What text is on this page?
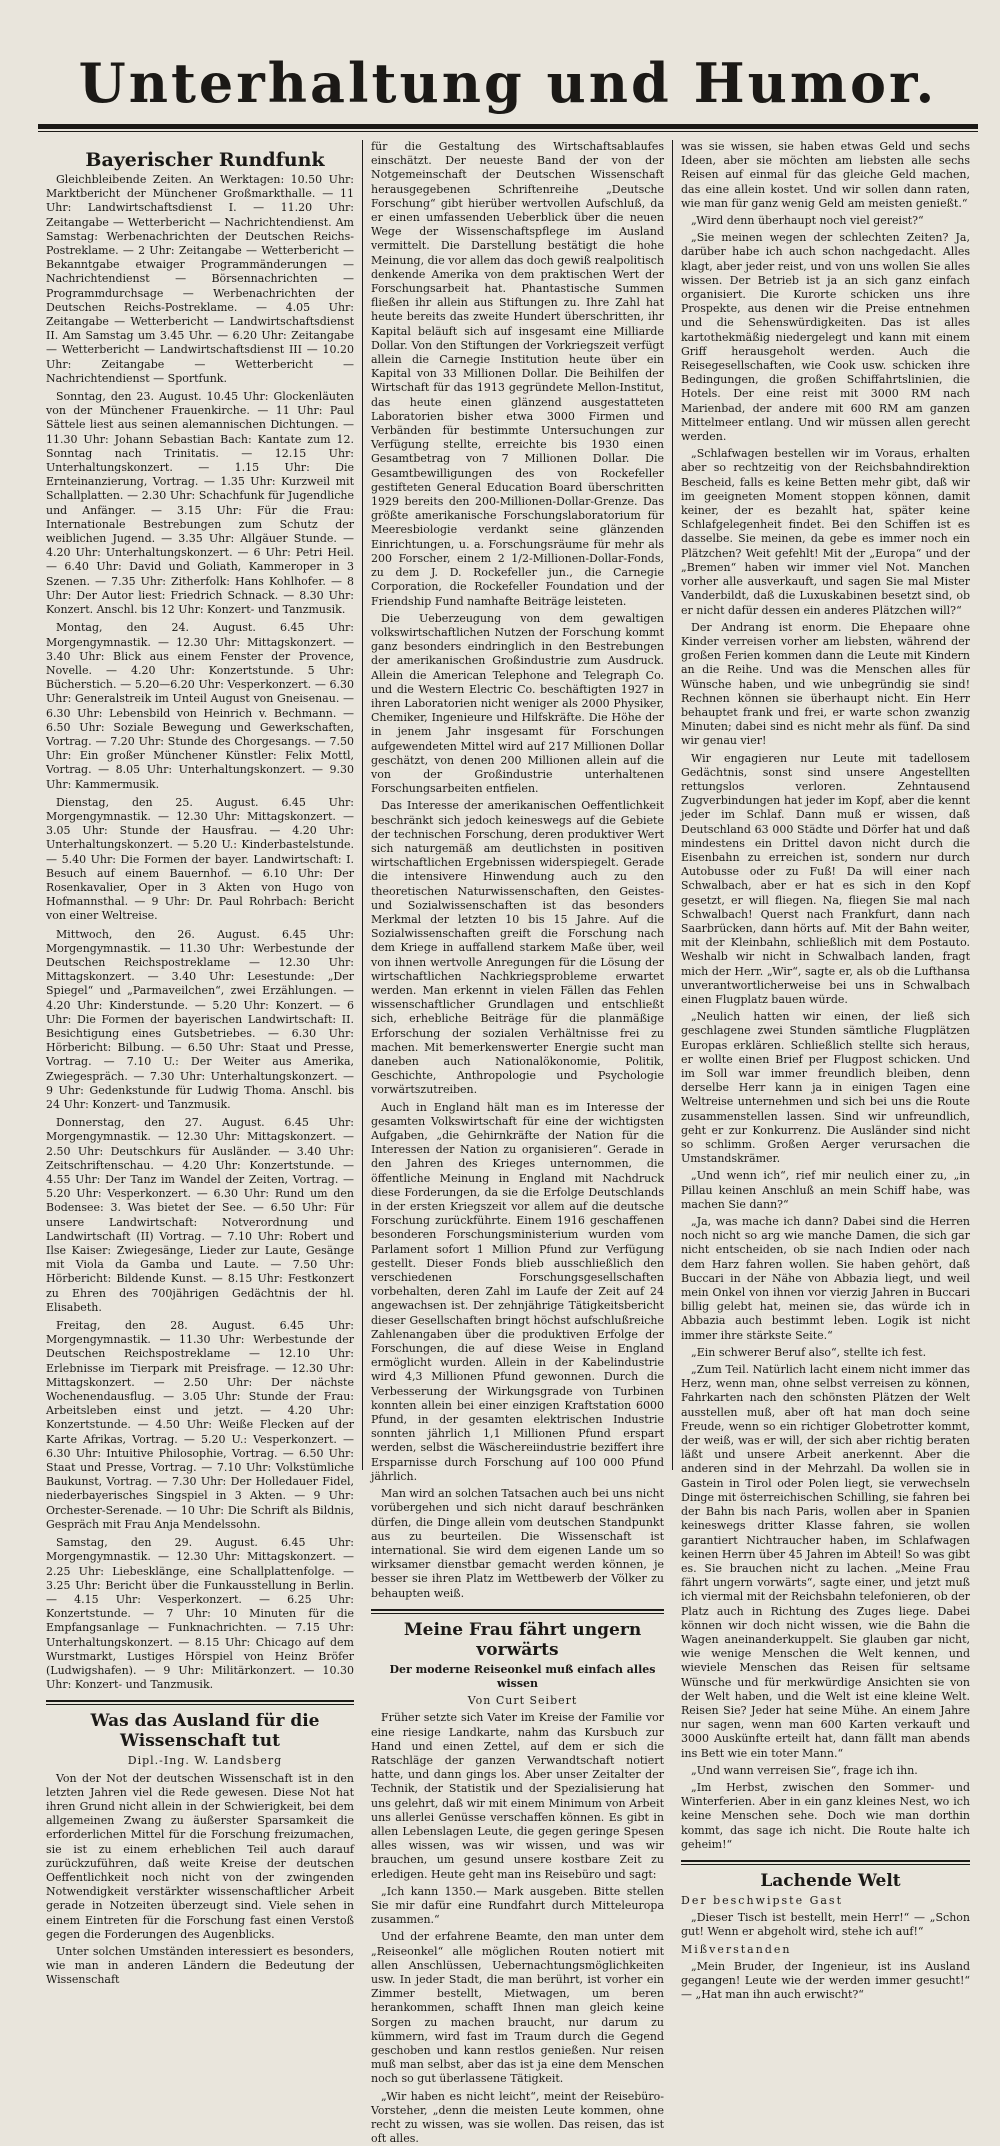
Unterhaltung und Humor.

Bayerischer Rundfunk

Gleichbleibende Zeiten. An Werktagen: 10.50 Uhr: Marktbericht der Münchener Großmarkthalle. — 11 Uhr: Landwirtschaftsdienst I. — 11.20 Uhr: Zeitangabe — Wetterbericht — Nachrichtendienst. Am Samstag: Werbenachrichten der Deutschen Reichs-Postreklame. — 2 Uhr: Zeitangabe — Wetterbericht — Bekanntgabe etwaiger Programmänderungen — Nachrichtendienst — Börsennachrichten — Programmdurchsage — Werbenachrichten der Deutschen Reichs-Postreklame. — 4.05 Uhr: Zeitangabe — Wetterbericht — Landwirtschaftsdienst II. Am Samstag um 3.45 Uhr. — 6.20 Uhr: Zeitangabe — Wetterbericht — Landwirtschaftsdienst III — 10.20 Uhr: Zeitangabe — Wetterbericht — Nachrichtendienst — Sportfunk.

Sonntag, den 23. August. 10.45 Uhr: Glockenläuten von der Münchener Frauenkirche. — 11 Uhr: Paul Sättele liest aus seinen alemannischen Dichtungen. — 11.30 Uhr: Johann Sebastian Bach: Kantate zum 12. Sonntag nach Trinitatis. — 12.15 Uhr: Unterhaltungskonzert. — 1.15 Uhr: Die Ernteinanzierung, Vortrag. — 1.35 Uhr: Kurzweil mit Schallplatten. — 2.30 Uhr: Schachfunk für Jugendliche und Anfänger. — 3.15 Uhr: Für die Frau: Internationale Bestrebungen zum Schutz der weiblichen Jugend. — 3.35 Uhr: Allgäuer Stunde. — 4.20 Uhr: Unterhaltungskonzert. — 6 Uhr: Petri Heil. — 6.40 Uhr: David und Goliath, Kammeroper in 3 Szenen. — 7.35 Uhr: Zitherfolk: Hans Kohlhofer. — 8 Uhr: Der Autor liest: Friedrich Schnack. — 8.30 Uhr: Konzert. Anschl. bis 12 Uhr: Konzert- und Tanzmusik.

Montag, den 24. August. 6.45 Uhr: Morgengymnastik. — 12.30 Uhr: Mittagskonzert. — 3.40 Uhr: Blick aus einem Fenster der Provence, Novelle. — 4.20 Uhr: Konzertstunde. 5 Uhr: Bücherstich. — 5.20—6.20 Uhr: Vesperkonzert. — 6.30 Uhr: Generalstreik im Unteil August von Gneisenau. — 6.30 Uhr: Lebensbild von Heinrich v. Bechmann. — 6.50 Uhr: Soziale Bewegung und Gewerkschaften, Vortrag. — 7.20 Uhr: Stunde des Chorgesangs. — 7.50 Uhr: Ein großer Münchener Künstler: Felix Mottl, Vortrag. — 8.05 Uhr: Unterhaltungskonzert. — 9.30 Uhr: Kammermusik.

Dienstag, den 25. August. 6.45 Uhr: Morgengymnastik. — 12.30 Uhr: Mittagskonzert. — 3.05 Uhr: Stunde der Hausfrau. — 4.20 Uhr: Unterhaltungskonzert. — 5.20 U.: Kinderbastelstunde. — 5.40 Uhr: Die Formen der bayer. Landwirtschaft: I. Besuch auf einem Bauernhof. — 6.10 Uhr: Der Rosenkavalier, Oper in 3 Akten von Hugo von Hofmannsthal. — 9 Uhr: Dr. Paul Rohrbach: Bericht von einer Weltreise.

Mittwoch, den 26. August. 6.45 Uhr: Morgengymnastik. — 11.30 Uhr: Werbestunde der Deutschen Reichspostreklame — 12.30 Uhr: Mittagskonzert. — 3.40 Uhr: Lesestunde: „Der Spiegel“ und „Parmaveilchen“, zwei Erzählungen. — 4.20 Uhr: Kinderstunde. — 5.20 Uhr: Konzert. — 6 Uhr: Die Formen der bayerischen Landwirtschaft: II. Besichtigung eines Gutsbetriebes. — 6.30 Uhr: Hörbericht: Bilbung. — 6.50 Uhr: Staat und Presse, Vortrag. — 7.10 U.: Der Weiter aus Amerika, Zwiegespräch. — 7.30 Uhr: Unterhaltungskonzert. — 9 Uhr: Gedenkstunde für Ludwig Thoma. Anschl. bis 24 Uhr: Konzert- und Tanzmusik.

Donnerstag, den 27. August. 6.45 Uhr: Morgengymnastik. — 12.30 Uhr: Mittagskonzert. — 2.50 Uhr: Deutschkurs für Ausländer. — 3.40 Uhr: Zeitschriftenschau. — 4.20 Uhr: Konzertstunde. — 4.55 Uhr: Der Tanz im Wandel der Zeiten, Vortrag. — 5.20 Uhr: Vesperkonzert. — 6.30 Uhr: Rund um den Bodensee: 3. Was bietet der See. — 6.50 Uhr: Für unsere Landwirtschaft: Notverordnung und Landwirtschaft (II) Vortrag. — 7.10 Uhr: Robert und Ilse Kaiser: Zwiegesänge, Lieder zur Laute, Gesänge mit Viola da Gamba und Laute. — 7.50 Uhr: Hörbericht: Bildende Kunst. — 8.15 Uhr: Festkonzert zu Ehren des 700jährigen Gedächtnis der hl. Elisabeth.

Freitag, den 28. August. 6.45 Uhr: Morgengymnastik. — 11.30 Uhr: Werbestunde der Deutschen Reichspostreklame — 12.10 Uhr: Erlebnisse im Tierpark mit Preisfrage. — 12.30 Uhr: Mittagskonzert. — 2.50 Uhr: Der nächste Wochenendausflug. — 3.05 Uhr: Stunde der Frau: Arbeitsleben einst und jetzt. — 4.20 Uhr: Konzertstunde. — 4.50 Uhr: Weiße Flecken auf der Karte Afrikas, Vortrag. — 5.20 U.: Vesperkonzert. — 6.30 Uhr: Intuitive Philosophie, Vortrag. — 6.50 Uhr: Staat und Presse, Vortrag. — 7.10 Uhr: Volkstümliche Baukunst, Vortrag. — 7.30 Uhr: Der Holledauer Fidel, niederbayerisches Singspiel in 3 Akten. — 9 Uhr: Orchester-Serenade. — 10 Uhr: Die Schrift als Bildnis, Gespräch mit Frau Anja Mendelssohn.

Samstag, den 29. August. 6.45 Uhr: Morgengymnastik. — 12.30 Uhr: Mittagskonzert. — 2.25 Uhr: Liebesklänge, eine Schallplattenfolge. — 3.25 Uhr: Bericht über die Funkausstellung in Berlin. — 4.15 Uhr: Vesperkonzert. — 6.25 Uhr: Konzertstunde. — 7 Uhr: 10 Minuten für die Empfangsanlage — Funknachrichten. — 7.15 Uhr: Unterhaltungskonzert. — 8.15 Uhr: Chicago auf dem Wurstmarkt, Lustiges Hörspiel von Heinz Bröfer (Ludwigshafen). — 9 Uhr: Militärkonzert. — 10.30 Uhr: Konzert- und Tanzmusik.

Was das Ausland für die Wissenschaft tut

Dipl.-Ing. W. Landsberg

Von der Not der deutschen Wissenschaft ist in den letzten Jahren viel die Rede gewesen. Diese Not hat ihren Grund nicht allein in der Schwierigkeit, bei dem allgemeinen Zwang zu äußerster Sparsamkeit die erforderlichen Mittel für die Forschung freizumachen, sie ist zu einem erheblichen Teil auch darauf zurückzuführen, daß weite Kreise der deutschen Oeffentlichkeit noch nicht von der zwingenden Notwendigkeit verstärkter wissenschaftlicher Arbeit gerade in Notzeiten überzeugt sind. Viele sehen in einem Eintreten für die Forschung fast einen Verstoß gegen die Forderungen des Augenblicks.

Unter solchen Umständen interessiert es besonders, wie man in anderen Ländern die Bedeutung der Wissenschaft

für die Gestaltung des Wirtschaftsablaufes einschätzt. Der neueste Band der von der Notgemeinschaft der Deutschen Wissenschaft herausgegebenen Schriftenreihe „Deutsche Forschung“ gibt hierüber wertvollen Aufschluß, da er einen umfassenden Ueberblick über die neuen Wege der Wissenschaftspflege im Ausland vermittelt. Die Darstellung bestätigt die hohe Meinung, die vor allem das doch gewiß realpolitisch denkende Amerika von dem praktischen Wert der Forschungsarbeit hat. Phantastische Summen fließen ihr allein aus Stiftungen zu. Ihre Zahl hat heute bereits das zweite Hundert überschritten, ihr Kapital beläuft sich auf insgesamt eine Milliarde Dollar. Von den Stiftungen der Vorkriegszeit verfügt allein die Carnegie Institution heute über ein Kapital von 33 Millionen Dollar. Die Beihilfen der Wirtschaft für das 1913 gegründete Mellon-Institut, das heute einen glänzend ausgestatteten Laboratorien bisher etwa 3000 Firmen und Verbänden für bestimmte Untersuchungen zur Verfügung stellte, erreichte bis 1930 einen Gesamtbetrag von 7 Millionen Dollar. Die Gesamtbewilligungen des von Rockefeller gestifteten General Education Board überschritten 1929 bereits den 200-Millionen-Dollar-Grenze. Das größte amerikanische Forschungslaboratorium für Meeresbiologie verdankt seine glänzenden Einrichtungen, u. a. Forschungsräume für mehr als 200 Forscher, einem 2 1/2-Millionen-Dollar-Fonds, zu dem J. D. Rockefeller jun., die Carnegie Corporation, die Rockefeller Foundation und der Friendship Fund namhafte Beiträge leisteten.

Die Ueberzeugung von dem gewaltigen volkswirtschaftlichen Nutzen der Forschung kommt ganz besonders eindringlich in den Bestrebungen der amerikanischen Großindustrie zum Ausdruck. Allein die American Telephone and Telegraph Co. und die Western Electric Co. beschäftigten 1927 in ihren Laboratorien nicht weniger als 2000 Physiker, Chemiker, Ingenieure und Hilfskräfte. Die Höhe der in jenem Jahr insgesamt für Forschungen aufgewendeten Mittel wird auf 217 Millionen Dollar geschätzt, von denen 200 Millionen allein auf die von der Großindustrie unterhaltenen Forschungsarbeiten entfielen.

Das Interesse der amerikanischen Oeffentlichkeit beschränkt sich jedoch keineswegs auf die Gebiete der technischen Forschung, deren produktiver Wert sich naturgemäß am deutlichsten in positiven wirtschaftlichen Ergebnissen widerspiegelt. Gerade die intensivere Hinwendung auch zu den theoretischen Naturwissenschaften, den Geistes- und Sozialwissenschaften ist das besonders Merkmal der letzten 10 bis 15 Jahre. Auf die Sozialwissenschaften greift die Forschung nach dem Kriege in auffallend starkem Maße über, weil von ihnen wertvolle Anregungen für die Lösung der wirtschaftlichen Nachkriegsprobleme erwartet werden. Man erkennt in vielen Fällen das Fehlen wissenschaftlicher Grundlagen und entschließt sich, erhebliche Beiträge für die planmäßige Erforschung der sozialen Verhältnisse frei zu machen. Mit bemerkenswerter Energie sucht man daneben auch Nationalökonomie, Politik, Geschichte, Anthropologie und Psychologie vorwärtszutreiben.

Auch in England hält man es im Interesse der gesamten Volkswirtschaft für eine der wichtigsten Aufgaben, „die Gehirnkräfte der Nation für die Interessen der Nation zu organisieren“. Gerade in den Jahren des Krieges unternommen, die öffentliche Meinung in England mit Nachdruck diese Forderungen, da sie die Erfolge Deutschlands in der ersten Kriegszeit vor allem auf die deutsche Forschung zurückführte. Einem 1916 geschaffenen besonderen Forschungsministerium wurden vom Parlament sofort 1 Million Pfund zur Verfügung gestellt. Dieser Fonds blieb ausschließlich den verschiedenen Forschungsgesellschaften vorbehalten, deren Zahl im Laufe der Zeit auf 24 angewachsen ist. Der zehnjährige Tätigkeitsbericht dieser Gesellschaften bringt höchst aufschlußreiche Zahlenangaben über die produktiven Erfolge der Forschungen, die auf diese Weise in England ermöglicht wurden. Allein in der Kabelindustrie wird 4,3 Millionen Pfund gewonnen. Durch die Verbesserung der Wirkungsgrade von Turbinen konnten allein bei einer einzigen Kraftstation 6000 Pfund, in der gesamten elektrischen Industrie sonnten jährlich 1,1 Millionen Pfund erspart werden, selbst die Wäschereiindustrie beziffert ihre Ersparnisse durch Forschung auf 100 000 Pfund jährlich.

Man wird an solchen Tatsachen auch bei uns nicht vorübergehen und sich nicht darauf beschränken dürfen, die Dinge allein vom deutschen Standpunkt aus zu beurteilen. Die Wissenschaft ist international. Sie wird dem eigenen Lande um so wirksamer dienstbar gemacht werden können, je besser sie ihren Platz im Wettbewerb der Völker zu behaupten weiß.

Meine Frau fährt ungern vorwärts

Der moderne Reiseonkel muß einfach alles wissen

Von Curt Seibert

Früher setzte sich Vater im Kreise der Familie vor eine riesige Landkarte, nahm das Kursbuch zur Hand und einen Zettel, auf dem er sich die Ratschläge der ganzen Verwandtschaft notiert hatte, und dann gings los. Aber unser Zeitalter der Technik, der Statistik und der Spezialisierung hat uns gelehrt, daß wir mit einem Minimum von Arbeit uns allerlei Genüsse verschaffen können. Es gibt in allen Lebenslagen Leute, die gegen geringe Spesen alles wissen, was wir wissen, und was wir brauchen, um gesund unsere kostbare Zeit zu erledigen. Heute geht man ins Reisebüro und sagt:

„Ich kann 1350.— Mark ausgeben. Bitte stellen Sie mir dafür eine Rundfahrt durch Mitteleuropa zusammen.“

Und der erfahrene Beamte, den man unter dem „Reiseonkel“ alle möglichen Routen notiert mit allen Anschlüssen, Uebernachtungsmöglichkeiten usw. In jeder Stadt, die man berührt, ist vorher ein Zimmer bestellt, Mietwagen, um beren herankommen, schafft Ihnen man gleich keine Sorgen zu machen braucht, nur darum zu kümmern, wird fast im Traum durch die Gegend geschoben und kann restlos genießen. Nur reisen muß man selbst, aber das ist ja eine dem Menschen noch so gut überlassene Tätigkeit.

„Wir haben es nicht leicht“, meint der Reisebüro-Vorsteher, „denn die meisten Leute kommen, ohne recht zu wissen, was sie wollen. Das reisen, das ist oft alles.

was sie wissen, sie haben etwas Geld und sechs Ideen, aber sie möchten am liebsten alle sechs Reisen auf einmal für das gleiche Geld machen, das eine allein kostet. Und wir sollen dann raten, wie man für ganz wenig Geld am meisten genießt.“

„Wird denn überhaupt noch viel gereist?“

„Sie meinen wegen der schlechten Zeiten? Ja, darüber habe ich auch schon nachgedacht. Alles klagt, aber jeder reist, und von uns wollen Sie alles wissen. Der Betrieb ist ja an sich ganz einfach organisiert. Die Kurorte schicken uns ihre Prospekte, aus denen wir die Preise entnehmen und die Sehenswürdigkeiten. Das ist alles kartothekmäßig niedergelegt und kann mit einem Griff herausgeholt werden. Auch die Reisegesellschaften, wie Cook usw. schicken ihre Bedingungen, die großen Schiffahrtslinien, die Hotels. Der eine reist mit 3000 RM nach Marienbad, der andere mit 600 RM am ganzen Mittelmeer entlang. Und wir müssen allen gerecht werden.

„Schlafwagen bestellen wir im Voraus, erhalten aber so rechtzeitig von der Reichsbahndirektion Bescheid, falls es keine Betten mehr gibt, daß wir im geeigneten Moment stoppen können, damit keiner, der es bezahlt hat, später keine Schlafgelegenheit findet. Bei den Schiffen ist es dasselbe. Sie meinen, da gebe es immer noch ein Plätzchen? Weit gefehlt! Mit der „Europa“ und der „Bremen“ haben wir immer viel Not. Manchen vorher alle ausverkauft, und sagen Sie mal Mister Vanderbildt, daß die Luxuskabinen besetzt sind, ob er nicht dafür dessen ein anderes Plätzchen will?“

Der Andrang ist enorm. Die Ehepaare ohne Kinder verreisen vorher am liebsten, während der großen Ferien kommen dann die Leute mit Kindern an die Reihe. Und was die Menschen alles für Wünsche haben, und wie unbegründig sie sind! Rechnen können sie überhaupt nicht. Ein Herr behauptet frank und frei, er warte schon zwanzig Minuten; dabei sind es nicht mehr als fünf. Da sind wir genau vier!

Wir engagieren nur Leute mit tadellosem Gedächtnis, sonst sind unsere Angestellten rettungslos verloren. Zehntausend Zugverbindungen hat jeder im Kopf, aber die kennt jeder im Schlaf. Dann muß er wissen, daß Deutschland 63 000 Städte und Dörfer hat und daß mindestens ein Drittel davon nicht durch die Eisenbahn zu erreichen ist, sondern nur durch Autobusse oder zu Fuß! Da will einer nach Schwalbach, aber er hat es sich in den Kopf gesetzt, er will fliegen. Na, fliegen Sie mal nach Schwalbach! Querst nach Frankfurt, dann nach Saarbrücken, dann hörts auf. Mit der Bahn weiter, mit der Kleinbahn, schließlich mit dem Postauto. Weshalb wir nicht in Schwalbach landen, fragt mich der Herr. „Wir“, sagte er, als ob die Lufthansa unverantwortlicherweise bei uns in Schwalbach einen Flugplatz bauen würde.

„Neulich hatten wir einen, der ließ sich geschlagene zwei Stunden sämtliche Flugplätzen Europas erklären. Schließlich stellte sich heraus, er wollte einen Brief per Flugpost schicken. Und im Soll war immer freundlich bleiben, denn derselbe Herr kann ja in einigen Tagen eine Weltreise unternehmen und sich bei uns die Route zusammenstellen lassen. Sind wir unfreundlich, geht er zur Konkurrenz. Die Ausländer sind nicht so schlimm. Großen Aerger verursachen die Umstandskrämer.

„Und wenn ich“, rief mir neulich einer zu, „in Pillau keinen Anschluß an mein Schiff habe, was machen Sie dann?“

„Ja, was mache ich dann? Dabei sind die Herren noch nicht so arg wie manche Damen, die sich gar nicht entscheiden, ob sie nach Indien oder nach dem Harz fahren wollen. Sie haben gehört, daß Buccari in der Nähe von Abbazia liegt, und weil mein Onkel von ihnen vor vierzig Jahren in Buccari billig gelebt hat, meinen sie, das würde ich in Abbazia auch bestimmt leben. Logik ist nicht immer ihre stärkste Seite.“

„Ein schwerer Beruf also“, stellte ich fest.

„Zum Teil. Natürlich lacht einem nicht immer das Herz, wenn man, ohne selbst verreisen zu können, Fahrkarten nach den schönsten Plätzen der Welt ausstellen muß, aber oft hat man doch seine Freude, wenn so ein richtiger Globetrotter kommt, der weiß, was er will, der sich aber richtig beraten läßt und unsere Arbeit anerkennt. Aber die anderen sind in der Mehrzahl. Da wollen sie in Gastein in Tirol oder Polen liegt, sie verwechseln Dinge mit österreichischen Schilling, sie fahren bei der Bahn bis nach Paris, wollen aber in Spanien keineswegs dritter Klasse fahren, sie wollen garantiert Nichtraucher haben, im Schlafwagen keinen Herrn über 45 Jahren im Abteil! So was gibt es. Sie brauchen nicht zu lachen. „Meine Frau fährt ungern vorwärts“, sagte einer, und jetzt muß ich viermal mit der Reichsbahn telefonieren, ob der Platz auch in Richtung des Zuges liege. Dabei können wir doch nicht wissen, wie die Bahn die Wagen aneinanderkuppelt. Sie glauben gar nicht, wie wenige Menschen die Welt kennen, und wieviele Menschen das Reisen für seltsame Wünsche und für merkwürdige Ansichten sie von der Welt haben, und die Welt ist eine kleine Welt. Reisen Sie? Jeder hat seine Mühe. An einem Jahre nur sagen, wenn man 600 Karten verkauft und 3000 Auskünfte erteilt hat, dann fällt man abends ins Bett wie ein toter Mann.“

„Und wann verreisen Sie“, frage ich ihn.

„Im Herbst, zwischen den Sommer- und Winterferien. Aber in ein ganz kleines Nest, wo ich keine Menschen sehe. Doch wie man dorthin kommt, das sage ich nicht. Die Route halte ich geheim!“

Lachende Welt

Der beschwipste Gast

„Dieser Tisch ist bestellt, mein Herr!“ — „Schon gut! Wenn er abgeholt wird, stehe ich auf!“

Mißverstanden

„Mein Bruder, der Ingenieur, ist ins Ausland gegangen! Leute wie der werden immer gesucht!“ — „Hat man ihn auch erwischt?“
